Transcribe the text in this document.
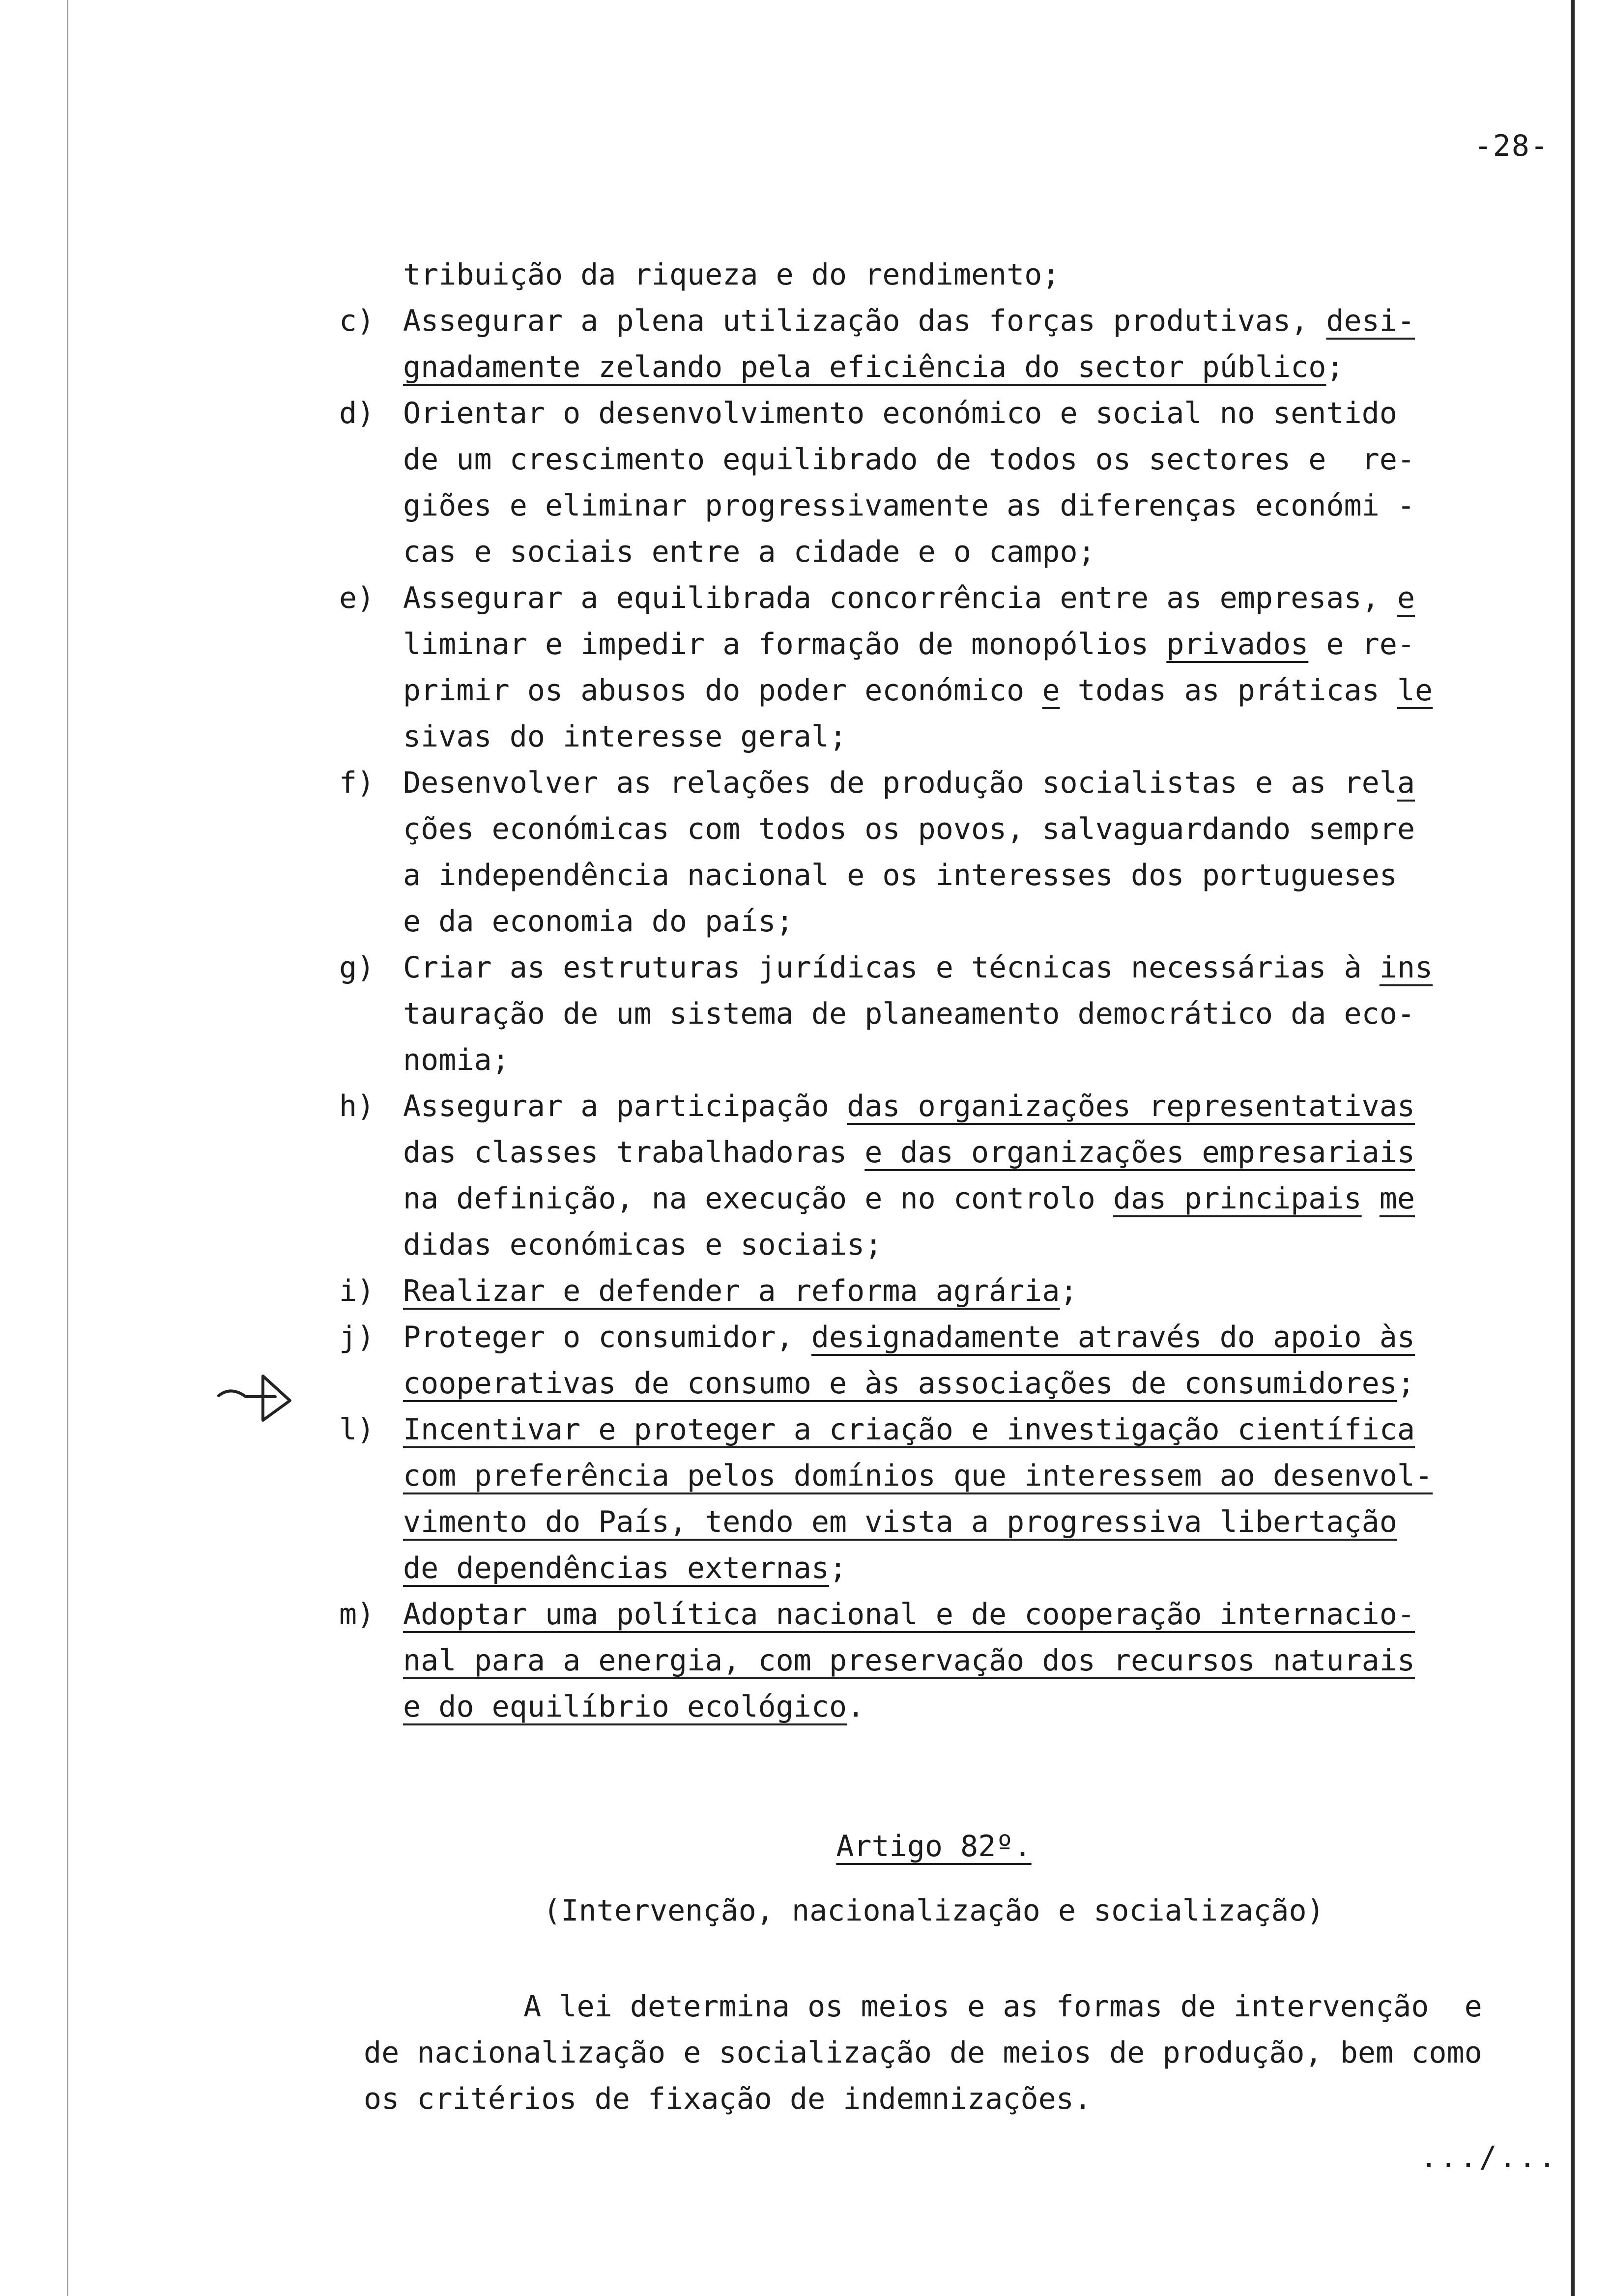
-28-
tribuição da riqueza e do rendimento;
c) Assegurar a plena utilização das forças produtivas, desi-
gnadamente zelando pela eficiência do sector público;
d) Orientar o desenvolvimento económico e social no sentido
de um crescimento equilibrado de todos os sectores e  re-
giões e eliminar progressivamente as diferenças económi -
cas e sociais entre a cidade e o campo;
e) Assegurar a equilibrada concorrência entre as empresas, e
liminar e impedir a formação de monopólios privados e re-
primir os abusos do poder económico e todas as práticas le
sivas do interesse geral;
f) Desenvolver as relações de produção socialistas e as rela
ções económicas com todos os povos, salvaguardando sempre
a independência nacional e os interesses dos portugueses
e da economia do país;
g) Criar as estruturas jurídicas e técnicas necessárias à ins
tauração de um sistema de planeamento democrático da eco-
nomia;
h) Assegurar a participação das organizações representativas
das classes trabalhadoras e das organizações empresariais
na definição, na execução e no controlo das principais me
didas económicas e sociais;
i) Realizar e defender a reforma agrária;
j) Proteger o consumidor, designadamente através do apoio às
cooperativas de consumo e às associações de consumidores;
l) Incentivar e proteger a criação e investigação científica
com preferência pelos domínios que interessem ao desenvol-
vimento do País, tendo em vista a progressiva libertação
de dependências externas;
m) Adoptar uma política nacional e de cooperação internacio-
nal para a energia, com preservação dos recursos naturais
e do equilíbrio ecológico.
Artigo 82º.
(Intervenção, nacionalização e socialização)
A lei determina os meios e as formas de intervenção  e
de nacionalização e socialização de meios de produção, bem como
os critérios de fixação de indemnizações.
.../...
